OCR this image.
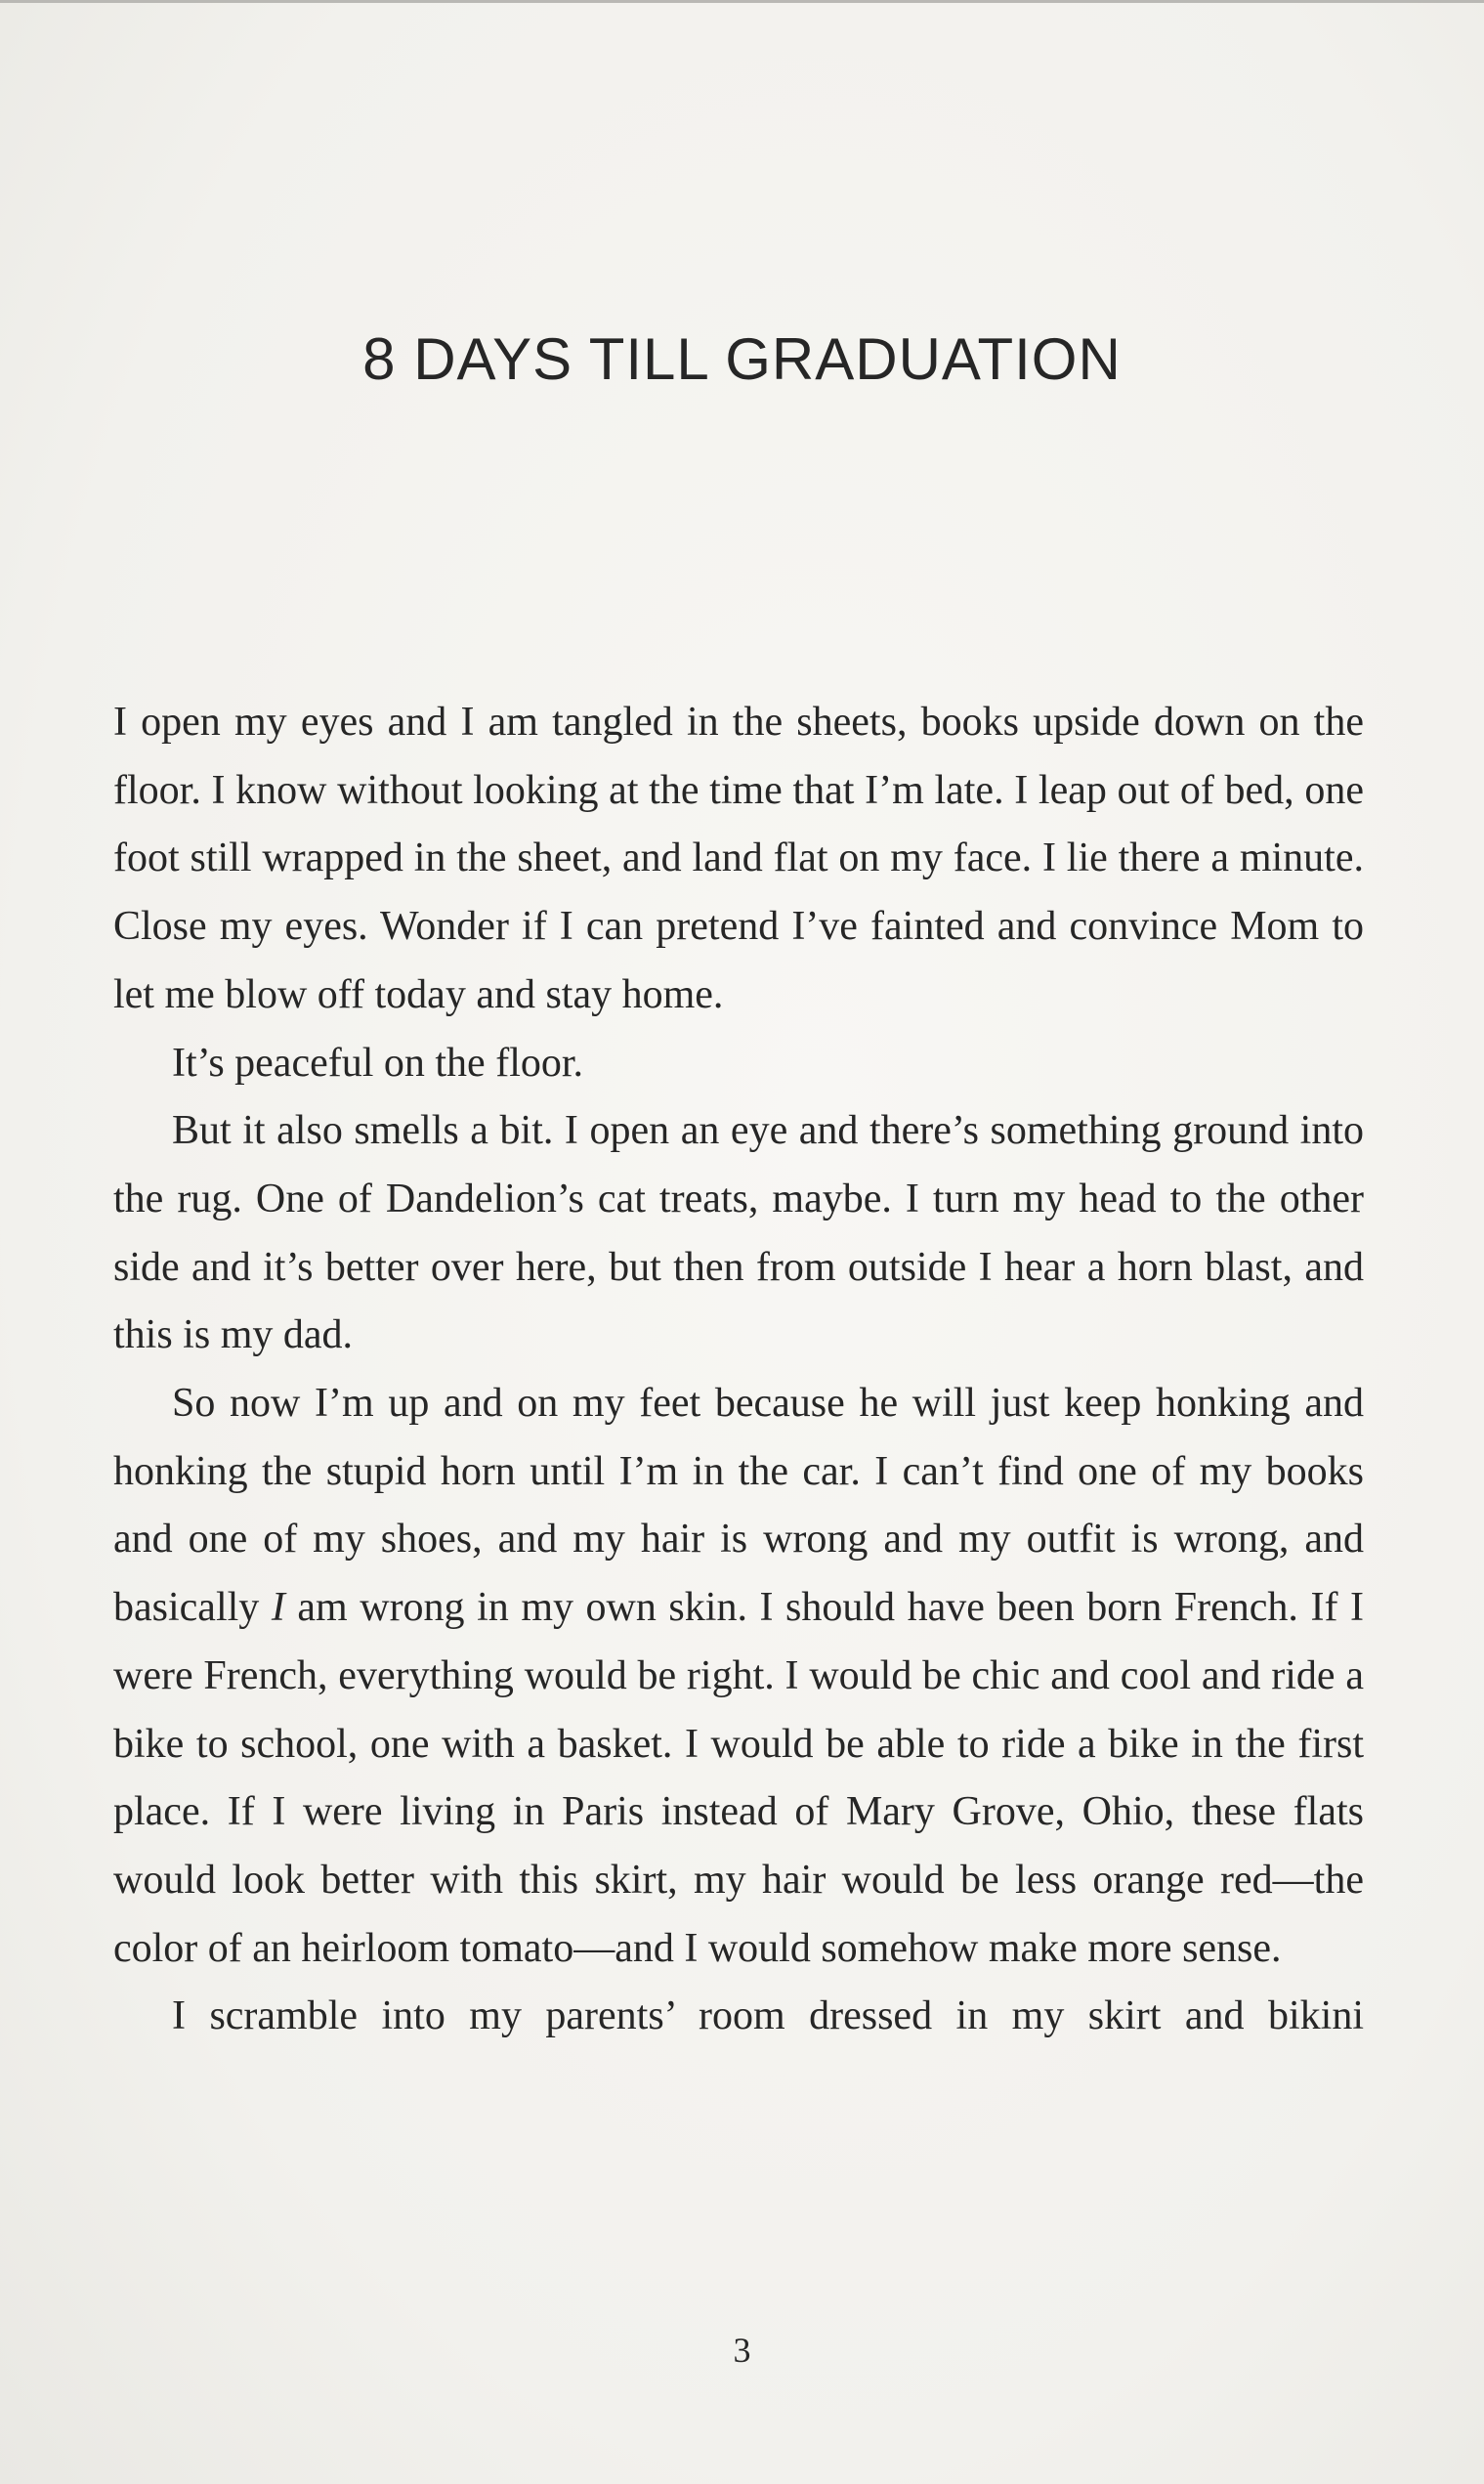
8 DAYS TILL GRADUATION

I open my eyes and I am tangled in the sheets, books upside down on the floor. I know without looking at the time that I’m late. I leap out of bed, one foot still wrapped in the sheet, and land flat on my face. I lie there a minute. Close my eyes. Wonder if I can pretend I’ve fainted and convince Mom to let me blow off today and stay home.

It’s peaceful on the floor.

But it also smells a bit. I open an eye and there’s something ground into the rug. One of Dandelion’s cat treats, maybe. I turn my head to the other side and it’s better over here, but then from outside I hear a horn blast, and this is my dad.

So now I’m up and on my feet because he will just keep honking and honking the stupid horn until I’m in the car. I can’t find one of my books and one of my shoes, and my hair is wrong and my outfit is wrong, and basically I am wrong in my own skin. I should have been born French. If I were French, everything would be right. I would be chic and cool and ride a bike to school, one with a basket. I would be able to ride a bike in the first place. If I were living in Paris instead of Mary Grove, Ohio, these flats would look better with this skirt, my hair would be less orange red—the color of an heirloom tomato—and I would somehow make more sense.

I scramble into my parents’ room dressed in my skirt and bikini

3
